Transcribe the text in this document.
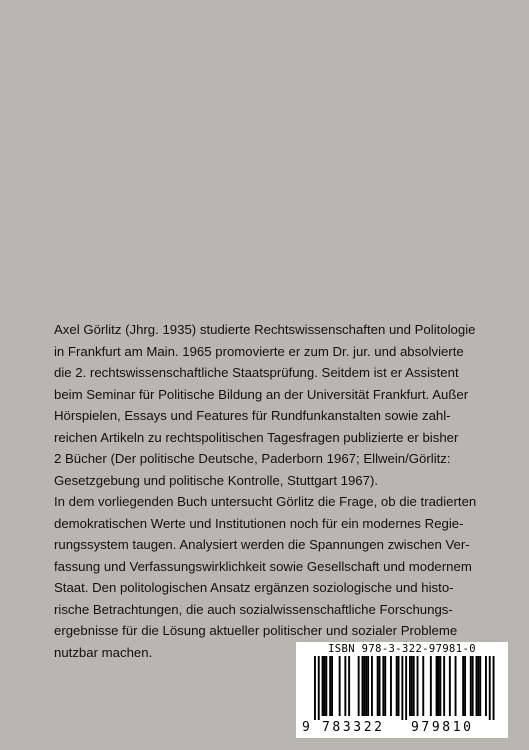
Axel Görlitz (Jhrg. 1935) studierte Rechtswissenschaften und Politologie
in Frankfurt am Main. 1965 promovierte er zum Dr. jur. und absolvierte
die 2. rechtswissenschaftliche Staatsprüfung. Seitdem ist er Assistent
beim Seminar für Politische Bildung an der Universität Frankfurt. Außer
Hörspielen, Essays und Features für Rundfunkanstalten sowie zahl-
reichen Artikeln zu rechtspolitischen Tagesfragen publizierte er bisher
2 Bücher (Der politische Deutsche, Paderborn 1967; Ellwein/Görlitz:
Gesetzgebung und politische Kontrolle, Stuttgart 1967).
In dem vorliegenden Buch untersucht Görlitz die Frage, ob die tradierten
demokratischen Werte und Institutionen noch für ein modernes Regie-
rungssystem taugen. Analysiert werden die Spannungen zwischen Ver-
fassung und Verfassungswirklichkeit sowie Gesellschaft und modernem
Staat. Den politologischen Ansatz ergänzen soziologische und histo-
rische Betrachtungen, die auch sozialwissenschaftliche Forschungs-
ergebnisse für die Lösung aktueller politischer und sozialer Probleme
nutzbar machen.	ISBN 978-3-322-97981-0
9 783322 979810
